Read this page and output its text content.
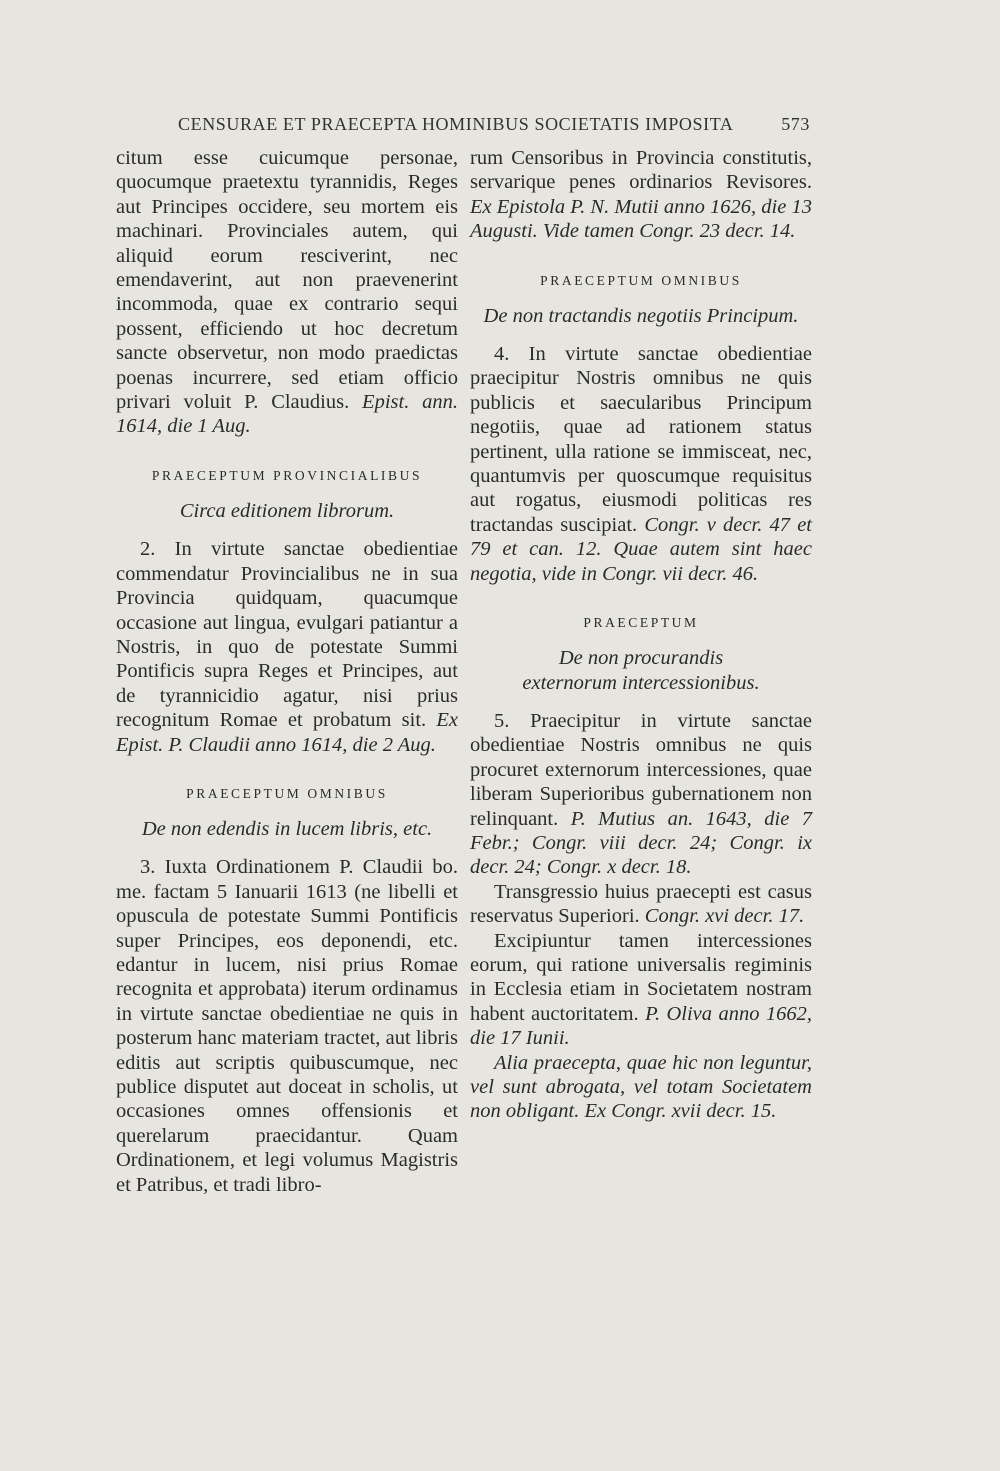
CENSURAE ET PRAECEPTA HOMINIBUS SOCIETATIS IMPOSITA	573

citum esse cuicumque personae, quocumque praetextu tyrannidis, Reges aut Principes occidere, seu mortem eis machinari. Provinciales autem, qui aliquid eorum resciverint, nec emendaverint, aut non praevenerint incommoda, quae ex contrario sequi possent, efficiendo ut hoc decretum sancte observetur, non modo praedictas poenas incurrere, sed etiam officio privari voluit P. Claudius. Epist. ann. 1614, die 1 Aug.

PRAECEPTUM PROVINCIALIBUS
Circa editionem librorum.

2. In virtute sanctae obedientiae commendatur Provincialibus ne in sua Provincia quidquam, quacumque occasione aut lingua, evulgari patiantur a Nostris, in quo de potestate Summi Pontificis supra Reges et Principes, aut de tyrannicidio agatur, nisi prius recognitum Romae et probatum sit. Ex Epist. P. Claudii anno 1614, die 2 Aug.

PRAECEPTUM OMNIBUS
De non edendis in lucem libris, etc.

3. Iuxta Ordinationem P. Claudii bo. me. factam 5 Ianuarii 1613 (ne libelli et opuscula de potestate Summi Pontificis super Principes, eos deponendi, etc. edantur in lucem, nisi prius Romae recognita et approbata) iterum ordinamus in virtute sanctae obedientiae ne quis in posterum hanc materiam tractet, aut libris editis aut scriptis quibuscumque, nec publice disputet aut doceat in scholis, ut occasiones omnes offensionis et querelarum praecidantur. Quam Ordinationem, et legi volumus Magistris et Patribus, et tradi libro-

rum Censoribus in Provincia constitutis, servarique penes ordinarios Revisores. Ex Epistola P. N. Mutii anno 1626, die 13 Augusti. Vide tamen Congr. 23 decr. 14.

PRAECEPTUM OMNIBUS
De non tractandis negotiis Principum.

4. In virtute sanctae obedientiae praecipitur Nostris omnibus ne quis publicis et saecularibus Principum negotiis, quae ad rationem status pertinent, ulla ratione se immisceat, nec, quantumvis per quoscumque requisitus aut rogatus, eiusmodi politicas res tractandas suscipiat. Congr. v decr. 47 et 79 et can. 12. Quae autem sint haec negotia, vide in Congr. vii decr. 46.

PRAECEPTUM
De non procurandis
externorum intercessionibus.

5. Praecipitur in virtute sanctae obedientiae Nostris omnibus ne quis procuret externorum intercessiones, quae liberam Superioribus gubernationem non relinquant. P. Mutius an. 1643, die 7 Febr.; Congr. viii decr. 24; Congr. ix decr. 24; Congr. x decr. 18.

Transgressio huius praecepti est casus reservatus Superiori. Congr. xvi decr. 17.

Excipiuntur tamen intercessiones eorum, qui ratione universalis regiminis in Ecclesia etiam in Societatem nostram habent auctoritatem. P. Oliva anno 1662, die 17 Iunii.

Alia praecepta, quae hic non leguntur, vel sunt abrogata, vel totam Societatem non obligant. Ex Congr. xvii decr. 15.
